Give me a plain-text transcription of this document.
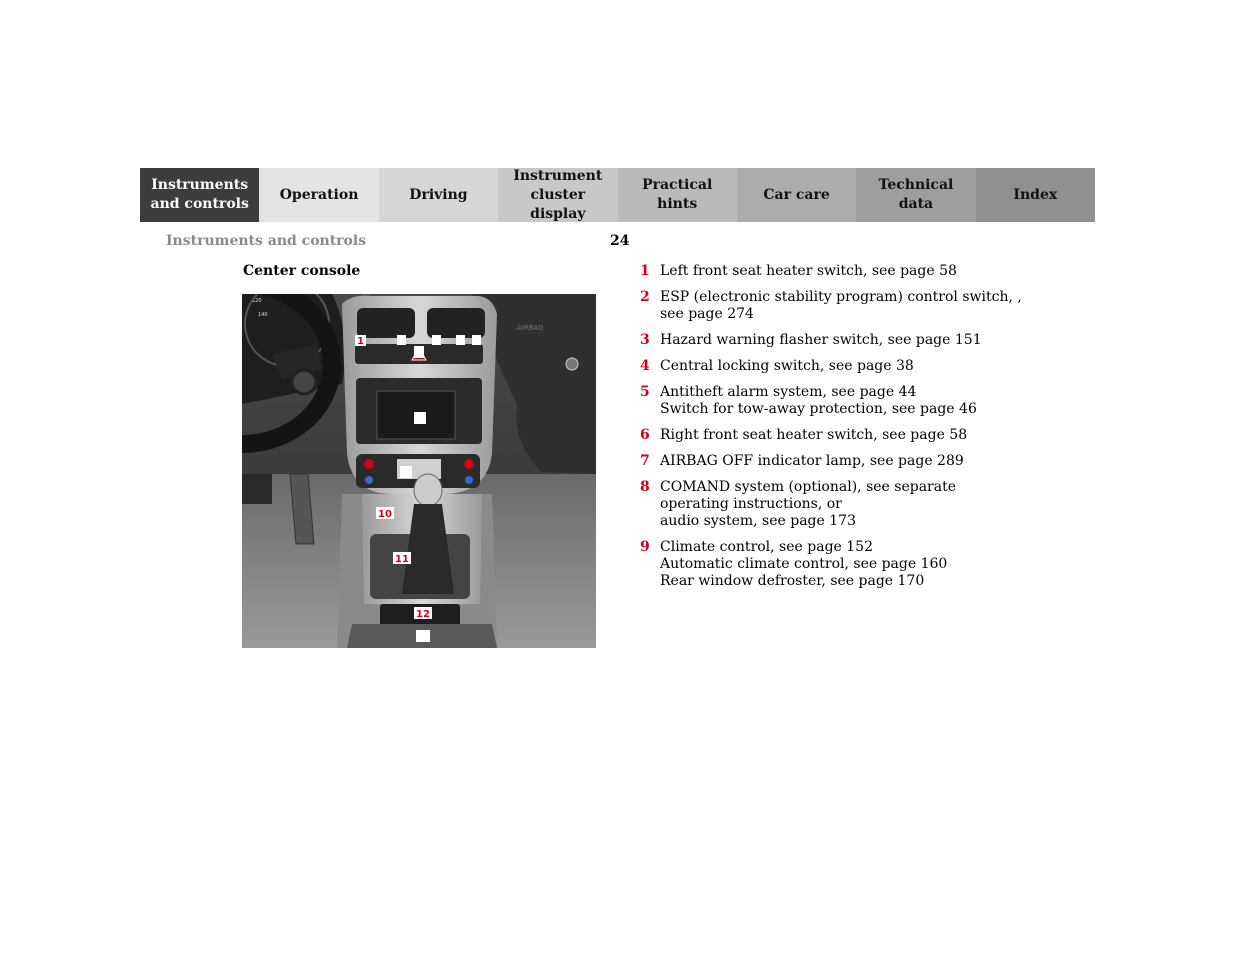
Instruments
and controls
Operation	Driving
Instrument
cluster display
Practical hints
Car care
Technical
data
Index
Instruments and controls	24
Center console
AIRBAG
120
140
1
10
11
12
1 Left front seat heater switch, see page 58
2 ESP (electronic stability program) control switch, ,
see page 274
3 Hazard warning flasher switch, see page 151
4 Central locking switch, see page 38
5 Antitheft alarm system, see page 44
Switch for tow-away protection, see page 46
6 Right front seat heater switch, see page 58
7 AIRBAG OFF indicator lamp, see page 289
8 COMAND system (optional), see separate
operating instructions, or
audio system, see page 173
9 Climate control, see page 152
Automatic climate control, see page 160
Rear window defroster, see page 170
